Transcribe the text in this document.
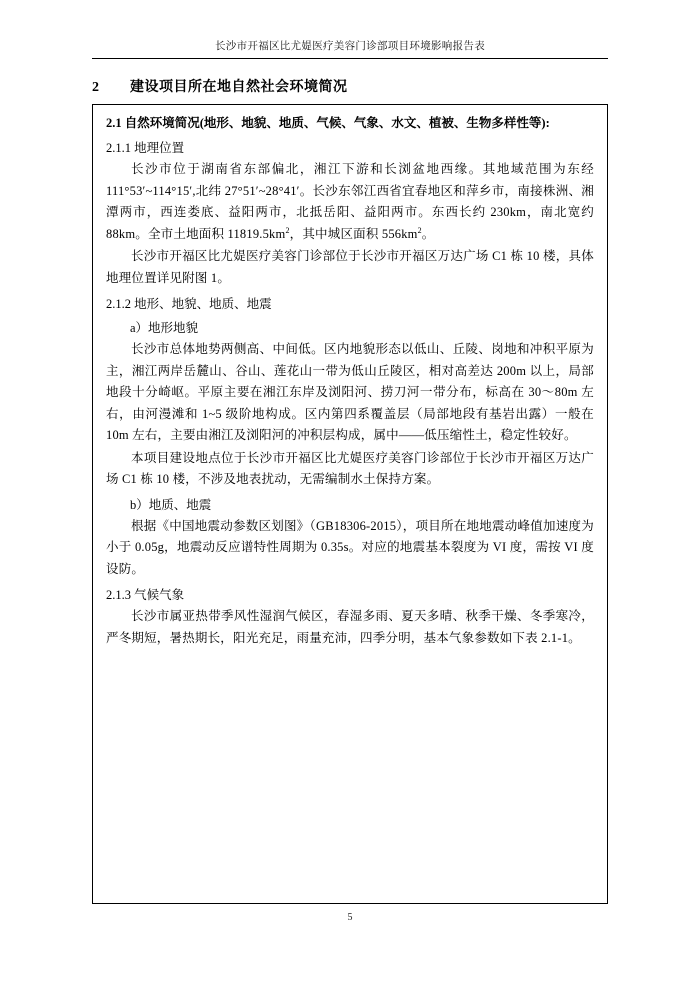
长沙市开福区比尤媞医疗美容门诊部项目环境影响报告表
2 建设项目所在地自然社会环境简况
2.1 自然环境简况(地形、地貌、地质、气候、气象、水文、植被、生物多样性等):
2.1.1 地理位置

长沙市位于湖南省东部偏北，湘江下游和长浏盆地西缘。其地域范围为东经111°53′~114°15′,北纬 27°51′~28°41′。长沙东邻江西省宜春地区和萍乡市，南接株洲、湘潭两市，西连娄底、益阳两市，北抵岳阳、益阳两市。东西长约 230km，南北宽约 88km。全市土地面积 $11819.5km^2$，其中城区面积 $556km^2$。

长沙市开福区比尤媞医疗美容门诊部位于长沙市开福区万达广场 C1 栋 10 楼，具体地理位置详见附图 1。

2.1.2 地形、地貌、地质、地震
a）地形地貌

长沙市总体地势两侧高、中间低。区内地貌形态以低山、丘陵、岗地和冲积平原为主，湘江两岸岳麓山、谷山、莲花山一带为低山丘陵区，相对高差达 200m 以上，局部地段十分崎岖。平原主要在湘江东岸及浏阳河、捞刀河一带分布，标高在 30～80m 左右，由河漫滩和 1~5 级阶地构成。区内第四系覆盖层（局部地段有基岩出露）一般在 10m 左右，主要由湘江及浏阳河的冲积层构成，属中——低压缩性土，稳定性较好。

本项目建设地点位于长沙市开福区比尤媞医疗美容门诊部位于长沙市开福区万达广场 C1 栋 10 楼，不涉及地表扰动，无需编制水土保持方案。

b）地质、地震

根据《中国地震动参数区划图》（GB18306-2015），项目所在地地震动峰值加速度为小于 0.05g，地震动反应谱特性周期为 0.35s。对应的地震基本裂度为 VI 度，需按 VI 度设防。

2.1.3 气候气象

长沙市属亚热带季风性湿润气候区，春湿多雨、夏天多晴、秋季干燥、冬季寒冷，严冬期短，暑热期长，阳光充足，雨量充沛，四季分明，基本气象参数如下表 2.1-1。

5
